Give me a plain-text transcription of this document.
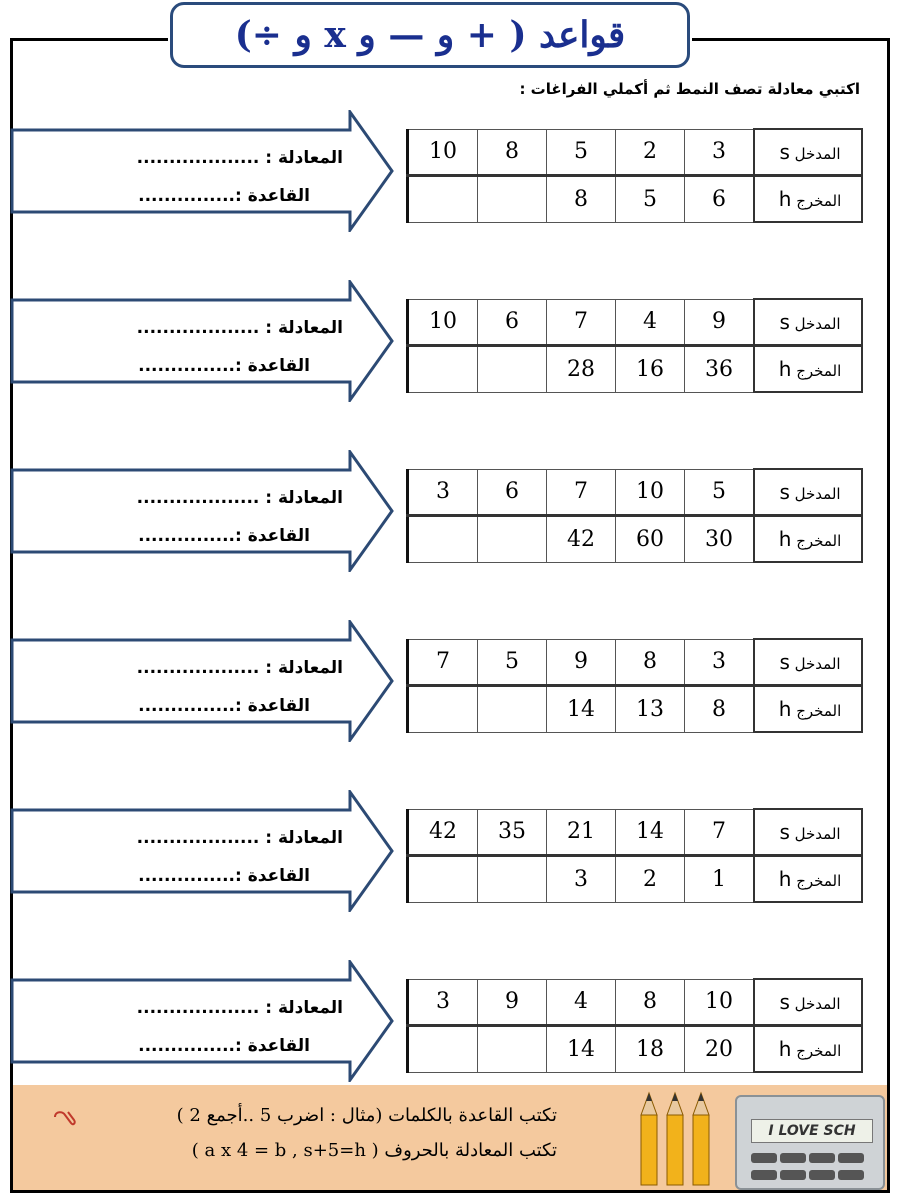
قواعد ( + و — و x و ÷)
اكتبي معادلة تصف النمط ثم أكملي الفراغات :
المعادلة : ...................
القاعدة :...............
10	8	5	2	3	المدخل s
		8	5	6	المخرج h
المعادلة : ...................
القاعدة :...............
10	6	7	4	9	المدخل s
		28	16	36	المخرج h
المعادلة : ...................
القاعدة :...............
3	6	7	10	5	المدخل s
		42	60	30	المخرج h
المعادلة : ...................
القاعدة :...............
7	5	9	8	3	المدخل s
		14	13	8	المخرج h
المعادلة : ...................
القاعدة :...............
42	35	21	14	7	المدخل s
		3	2	1	المخرج h
المعادلة : ...................
القاعدة :...............
3	9	4	8	10	المدخل s
		14	18	20	المخرج h
تكتب القاعدة بالكلمات (مثال : اضرب 5 ..أجمع 2 )
تكتب المعادلة بالحروف ( a x 4 = b , s+5=h )
I LOVE SCH
